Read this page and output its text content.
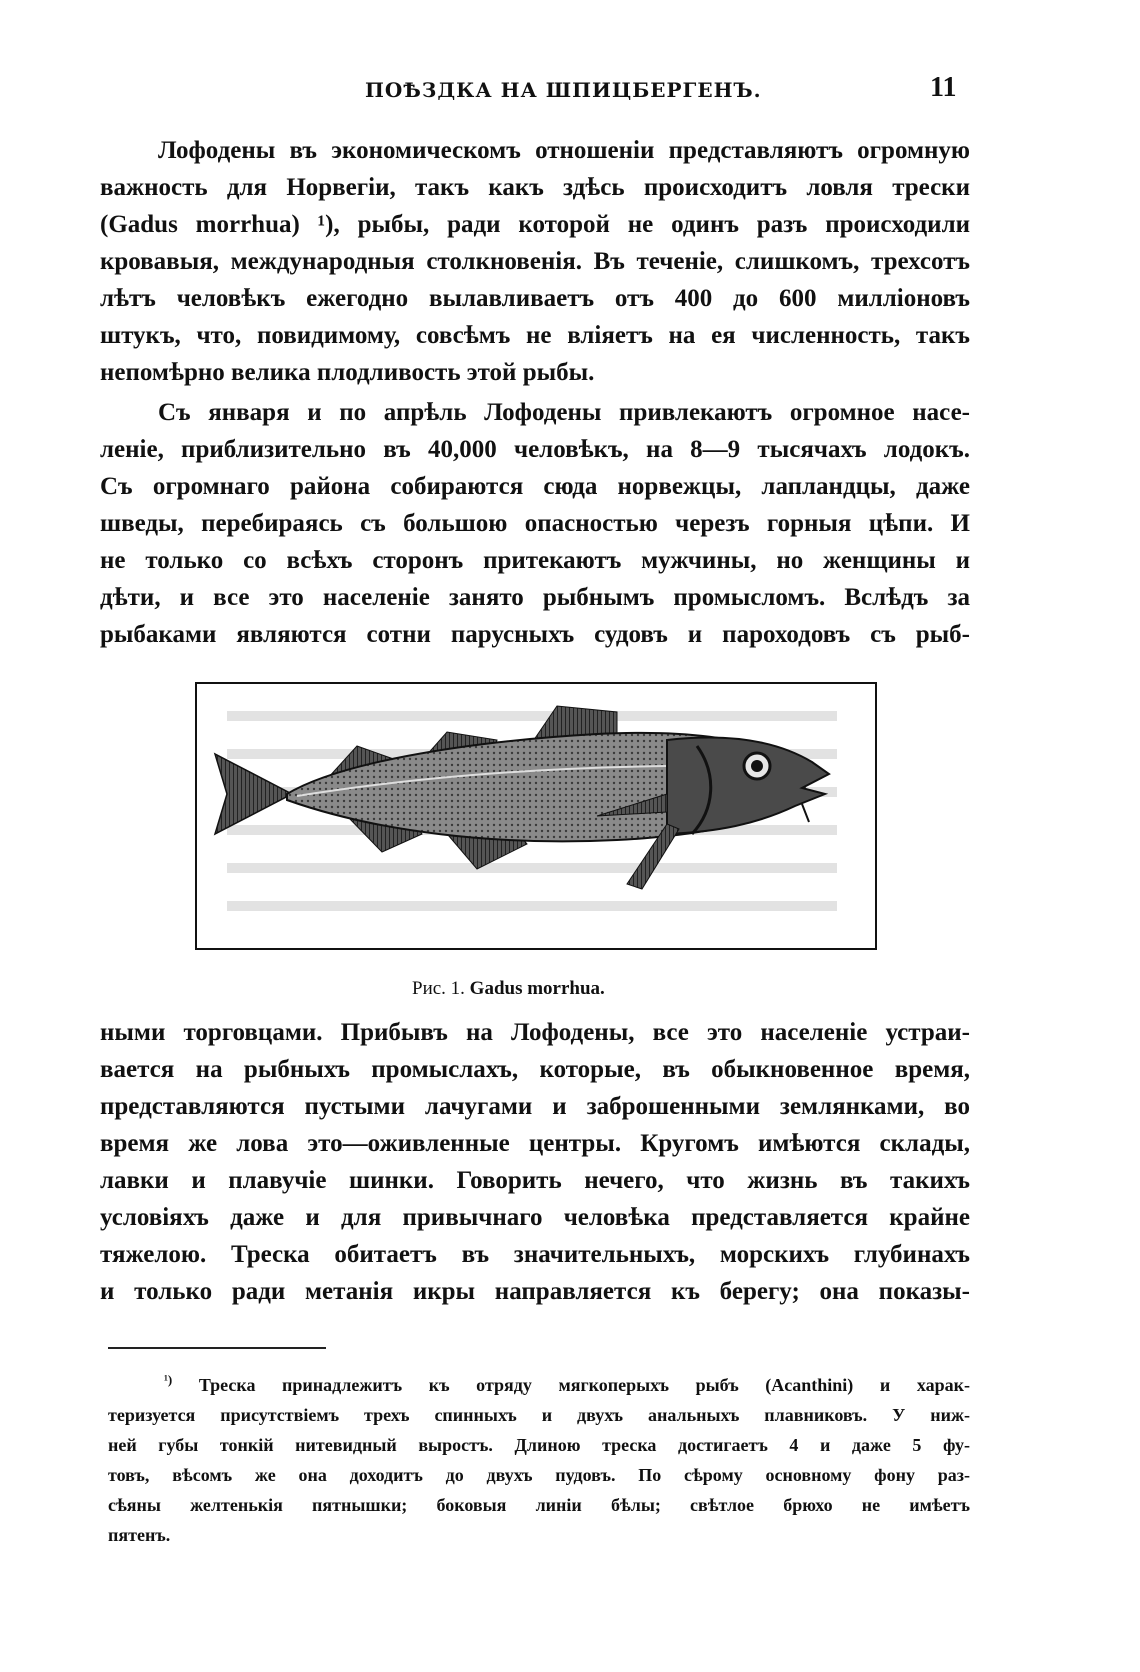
ПОѢЗДКА НА ШПИЦБЕРГЕНЪ.	11
Лофодены въ экономическомъ отношеніи представляютъ огромную
важность для Норвегіи, такъ какъ здѣсь происходитъ ловля трески
(Gadus morrhua) ¹), рыбы, ради которой не одинъ разъ происходили
кровавыя, международныя столкновенія. Въ теченіе, слишкомъ, трехсотъ
лѣтъ человѣкъ ежегодно вылавливаетъ отъ 400 до 600 милліоновъ
штукъ, что, повидимому, совсѣмъ не вліяетъ на ея численность, такъ
непомѣрно велика плодливость этой рыбы.
Съ января и по апрѣль Лофодены привлекаютъ огромное насе-
леніе, приблизительно въ 40,000 человѣкъ, на 8—9 тысячахъ лодокъ.
Съ огромнаго района собираются сюда норвежцы, лапландцы, даже
шведы, перебираясь съ большою опасностью черезъ горныя цѣпи. И
не только со всѣхъ сторонъ притекаютъ мужчины, но женщины и
дѣти, и все это населеніе занято рыбнымъ промысломъ. Вслѣдъ за
рыбаками являются сотни парусныхъ судовъ и пароходовъ съ рыб-
Рис. 1. Gadus morrhua.
ными торговцами. Прибывъ на Лофодены, все это населеніе устраи-
вается на рыбныхъ промыслахъ, которые, въ обыкновенное время,
представляются пустыми лачугами и заброшенными землянками, во
время же лова это—оживленные центры. Кругомъ имѣются склады,
лавки и плавучіе шинки. Говорить нечего, что жизнь въ такихъ
условіяхъ даже и для привычнаго человѣка представляется крайне
тяжелою. Треска обитаетъ въ значительныхъ, морскихъ глубинахъ
и только ради метанія икры направляется къ берегу; она показы-
$^{^1)}$ Треска принадлежитъ къ отряду мягкоперыхъ рыбъ (Acanthini) и харак-
теризуется присутствіемъ трехъ спинныхъ и двухъ анальныхъ плавниковъ. У ниж-
ней губы тонкій нитевидный выростъ. Длиною треска достигаетъ 4 и даже 5 фу-
товъ, вѣсомъ же она доходитъ до двухъ пудовъ. По сѣрому основному фону раз-
сѣяны желтенькія пятнышки; боковыя линіи бѣлы; свѣтлое брюхо не имѣетъ
пятенъ.
